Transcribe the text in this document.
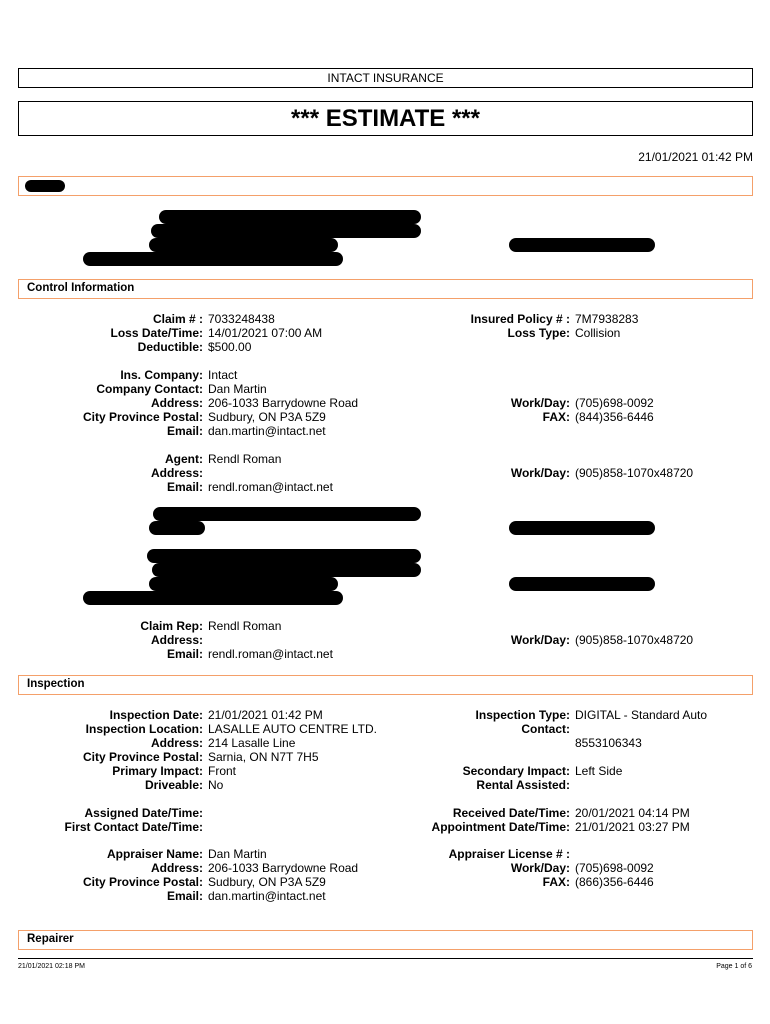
INTACT INSURANCE
*** ESTIMATE ***
21/01/2021 01:42 PM
Control Information
Claim # : 7033248438
Loss Date/Time: 14/01/2021 07:00 AM
Deductible: $500.00
Insured Policy # : 7M7938283
Loss Type: Collision
Ins. Company: Intact
Company Contact: Dan Martin
Address: 206-1033 Barrydowne Road
City Province Postal: Sudbury, ON P3A 5Z9
Email: dan.martin@intact.net
Work/Day: (705)698-0092
FAX: (844)356-6446
Agent: Rendl Roman
Address:
Email: rendl.roman@intact.net
Work/Day: (905)858-1070x48720
Claim Rep: Rendl Roman
Address:
Email: rendl.roman@intact.net
Work/Day: (905)858-1070x48720
Inspection
Inspection Date: 21/01/2021 01:42 PM
Inspection Location: LASALLE AUTO CENTRE LTD.
Address: 214 Lasalle Line
City Province Postal: Sarnia, ON N7T 7H5
Primary Impact: Front
Driveable: No
Inspection Type: DIGITAL - Standard Auto
Contact:
8553106343
Secondary Impact: Left Side
Rental Assisted:
Assigned Date/Time:
First Contact Date/Time:
Received Date/Time: 20/01/2021 04:14 PM
Appointment Date/Time: 21/01/2021 03:27 PM
Appraiser Name: Dan Martin
Address: 206-1033 Barrydowne Road
City Province Postal: Sudbury, ON P3A 5Z9
Email: dan.martin@intact.net
Appraiser License # :
Work/Day: (705)698-0092
FAX: (866)356-6446
Repairer
21/01/2021 02:18 PM	Page 1 of 6
